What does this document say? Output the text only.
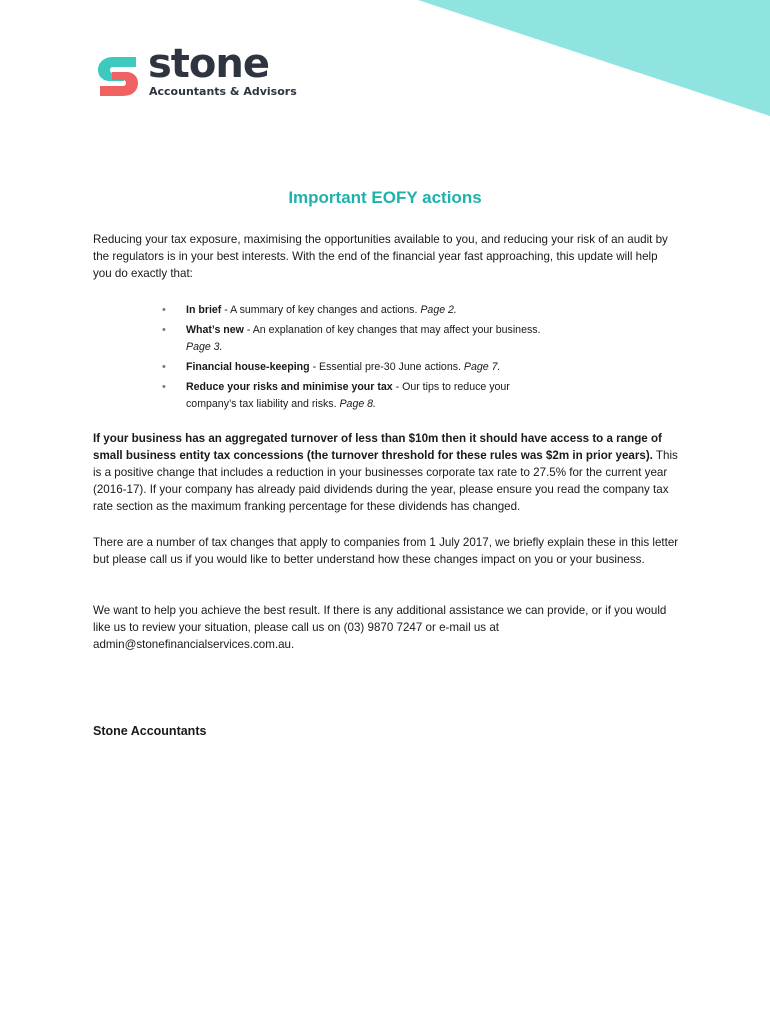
stone
Accountants & Advisors
Important EOFY actions

Reducing your tax exposure, maximising the opportunities available to you, and reducing your risk of an audit by the regulators is in your best interests. With the end of the financial year fast approaching, this update will help you do exactly that:

• In brief - A summary of key changes and actions. Page 2.
• What’s new - An explanation of key changes that may affect your business. Page 3.
• Financial house-keeping - Essential pre-30 June actions. Page 7.
• Reduce your risks and minimise your tax - Our tips to reduce your company’s tax liability and risks. Page 8.

If your business has an aggregated turnover of less than $10m then it should have access to a range of small business entity tax concessions (the turnover threshold for these rules was $2m in prior years). This is a positive change that includes a reduction in your businesses corporate tax rate to 27.5% for the current year (2016-17). If your company has already paid dividends during the year, please ensure you read the company tax rate section as the maximum franking percentage for these dividends has changed.

There are a number of tax changes that apply to companies from 1 July 2017, we briefly explain these in this letter but please call us if you would like to better understand how these changes impact on you or your business.

We want to help you achieve the best result. If there is any additional assistance we can provide, or if you would like us to review your situation, please call us on (03) 9870 7247 or e-mail us at admin@stonefinancialservices.com.au.

Stone Accountants
